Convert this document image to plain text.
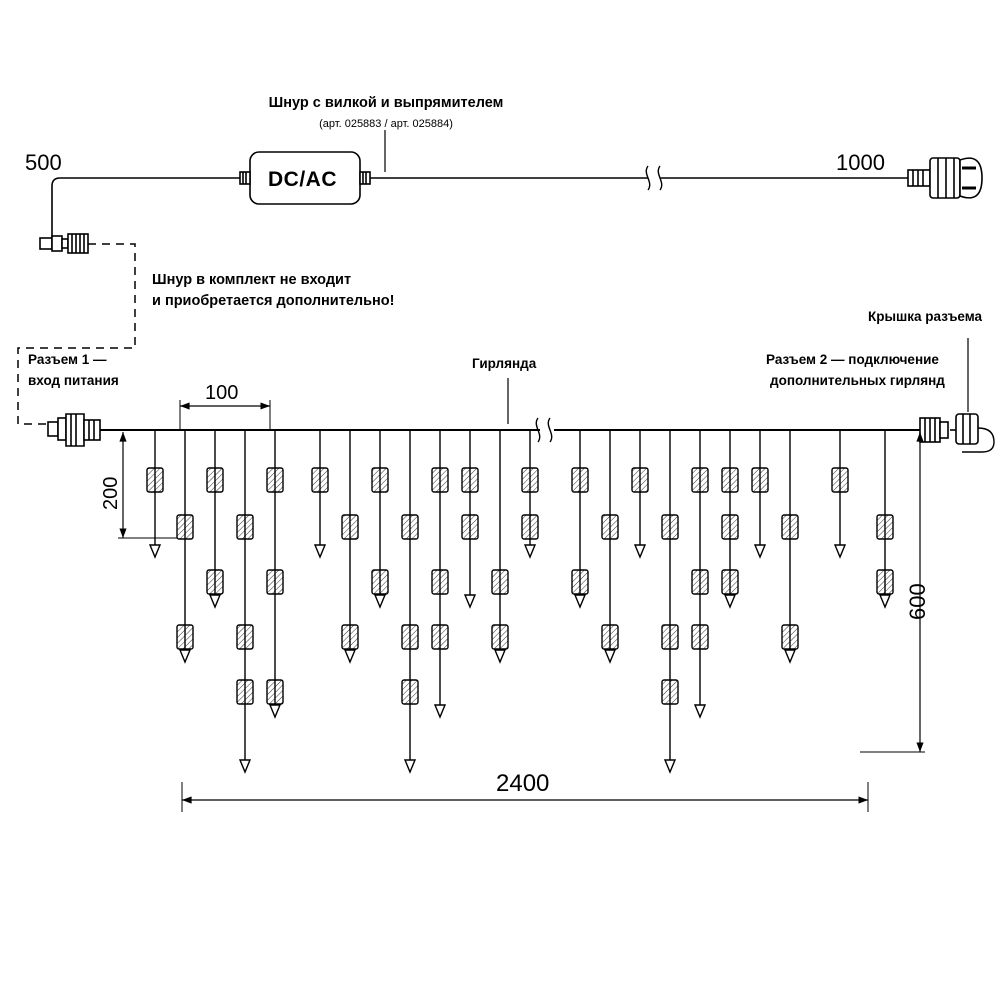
Шнур с вилкой и выпрямителем
(арт. 025883 / арт. 025884)
DC/AC
500	1000
Шнур в комплект не входит
и приобретается дополнительно!
Разъем 1 —
вход питания
Гирлянда	Разъем 2 — подключение
дополнительных гирлянд
Крышка разъема
100
200
600
2400
